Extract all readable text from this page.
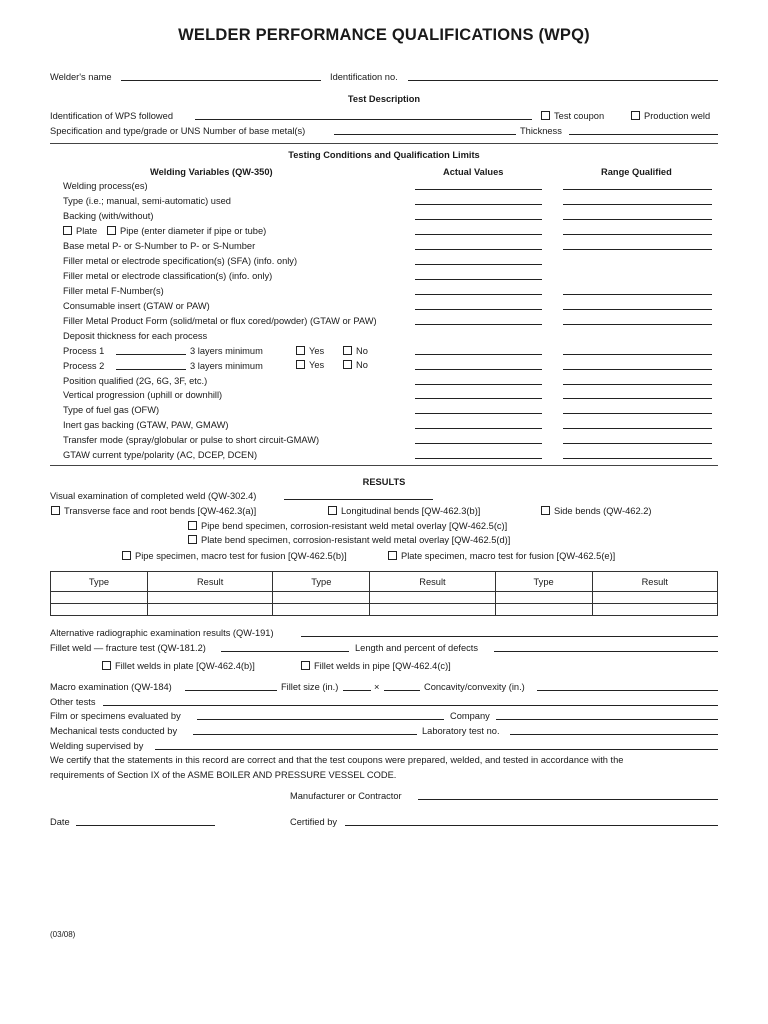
WELDER PERFORMANCE QUALIFICATIONS (WPQ)
Welder's name	Identification no.
Test Description
Identification of WPS followed	Test coupon	Production weld
Specification and type/grade or UNS Number of base metal(s)	Thickness
Testing Conditions and Qualification Limits
Welding Variables (QW-350)	Actual Values	Range Qualified
Welding process(es)
Type (i.e.; manual, semi-automatic) used
Backing (with/without)
Plate	Pipe (enter diameter if pipe or tube)
Base metal P- or S-Number to P- or S-Number
Filler metal or electrode specification(s) (SFA) (info. only)
Filler metal or electrode classification(s) (info. only)
Filler metal F-Number(s)
Consumable insert (GTAW or PAW)
Filler Metal Product Form (solid/metal or flux cored/powder) (GTAW or PAW)
Deposit thickness for each process
Process 1	3 layers minimum	Yes	No
Process 2	3 layers minimum	Yes	No
Position qualified (2G, 6G, 3F, etc.)
Vertical progression (uphill or downhill)
Type of fuel gas (OFW)
Inert gas backing (GTAW, PAW, GMAW)
Transfer mode (spray/globular or pulse to short circuit-GMAW)
GTAW current type/polarity (AC, DCEP, DCEN)
RESULTS
Visual examination of completed weld (QW-302.4)
Transverse face and root bends [QW-462.3(a)]	Longitudinal bends [QW-462.3(b)]	Side bends (QW-462.2)
Pipe bend specimen, corrosion-resistant weld metal overlay [QW-462.5(c)]
Plate bend specimen, corrosion-resistant weld metal overlay [QW-462.5(d)]
Pipe specimen, macro test for fusion [QW-462.5(b)]	Plate specimen, macro test for fusion [QW-462.5(e)]
Type	Result	Type	Result	Type	Result

Alternative radiographic examination results (QW-191)
Fillet weld — fracture test (QW-181.2)	Length and percent of defects
Fillet welds in plate [QW-462.4(b)]	Fillet welds in pipe [QW-462.4(c)]
Macro examination (QW-184)	Fillet size (in.)	×	Concavity/convexity (in.)
Other tests
Film or specimens evaluated by	Company
Mechanical tests conducted by	Laboratory test no.
Welding supervised by
We certify that the statements in this record are correct and that the test coupons were prepared, welded, and tested in accordance with the
requirements of Section IX of the ASME BOILER AND PRESSURE VESSEL CODE.
Manufacturer or Contractor
Date	Certified by
(03/08)
